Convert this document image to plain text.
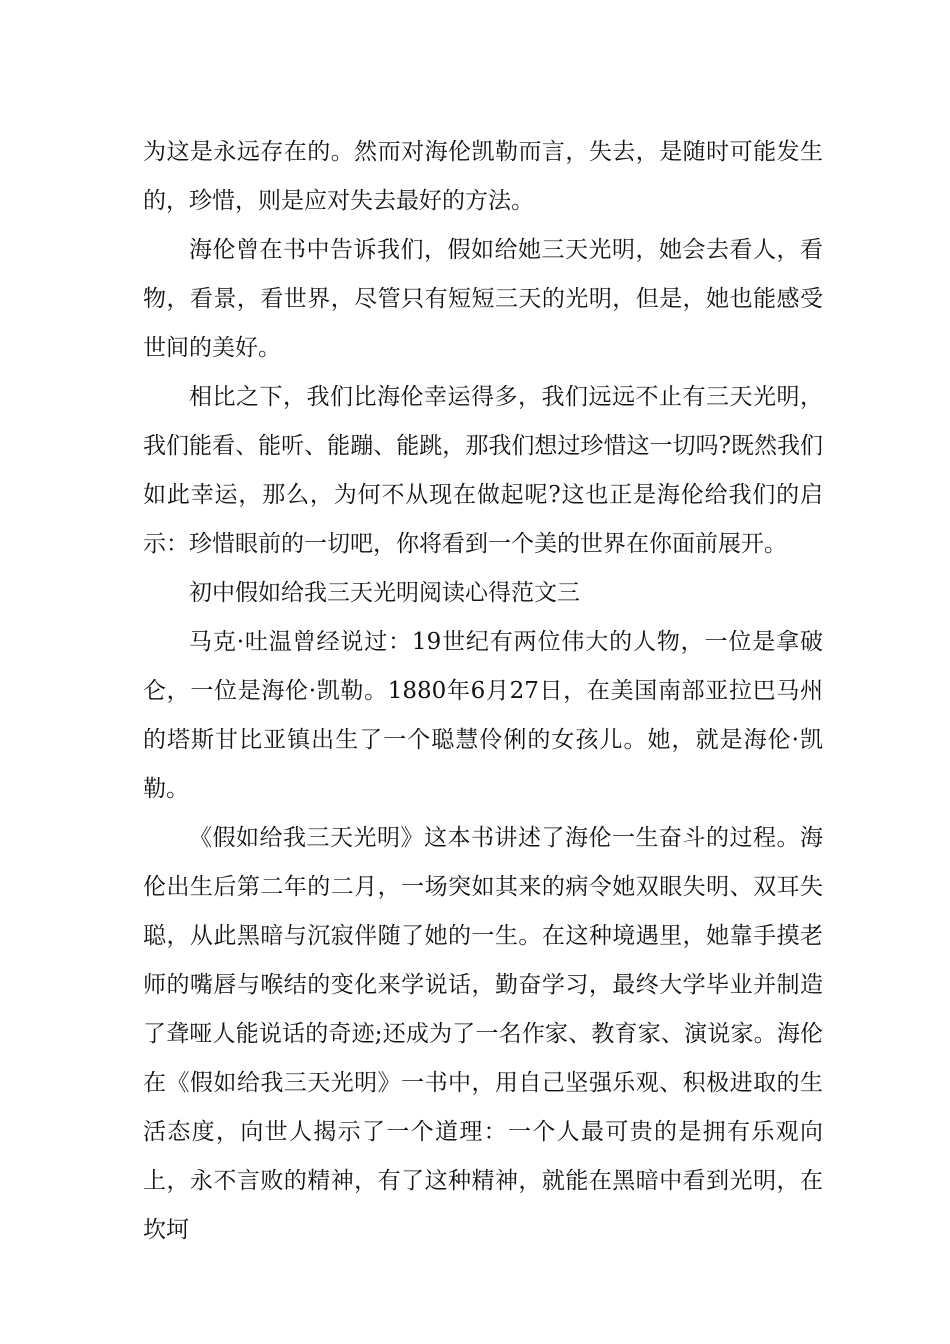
为这是永远存在的。然而对海伦凯勒而言，失去，是随时可能发生的，珍惜，则是应对失去最好的方法。

海伦曾在书中告诉我们，假如给她三天光明，她会去看人，看物，看景，看世界，尽管只有短短三天的光明，但是，她也能感受世间的美好。

相比之下，我们比海伦幸运得多，我们远远不止有三天光明，我们能看、能听、能蹦、能跳，那我们想过珍惜这一切吗?既然我们如此幸运，那么，为何不从现在做起呢?这也正是海伦给我们的启示：珍惜眼前的一切吧，你将看到一个美的世界在你面前展开。

初中假如给我三天光明阅读心得范文三

马克·吐温曾经说过：19世纪有两位伟大的人物，一位是拿破仑，一位是海伦·凯勒。1880年6月27日，在美国南部亚拉巴马州的塔斯甘比亚镇出生了一个聪慧伶俐的女孩儿。她，就是海伦·凯勒。

《假如给我三天光明》这本书讲述了海伦一生奋斗的过程。海伦出生后第二年的二月，一场突如其来的病令她双眼失明、双耳失聪，从此黑暗与沉寂伴随了她的一生。在这种境遇里，她靠手摸老师的嘴唇与喉结的变化来学说话，勤奋学习，最终大学毕业并制造了聋哑人能说话的奇迹;还成为了一名作家、教育家、演说家。海伦在《假如给我三天光明》一书中，用自己坚强乐观、积极进取的生活态度，向世人揭示了一个道理：一个人最可贵的是拥有乐观向上，永不言败的精神，有了这种精神，就能在黑暗中看到光明，在坎坷
